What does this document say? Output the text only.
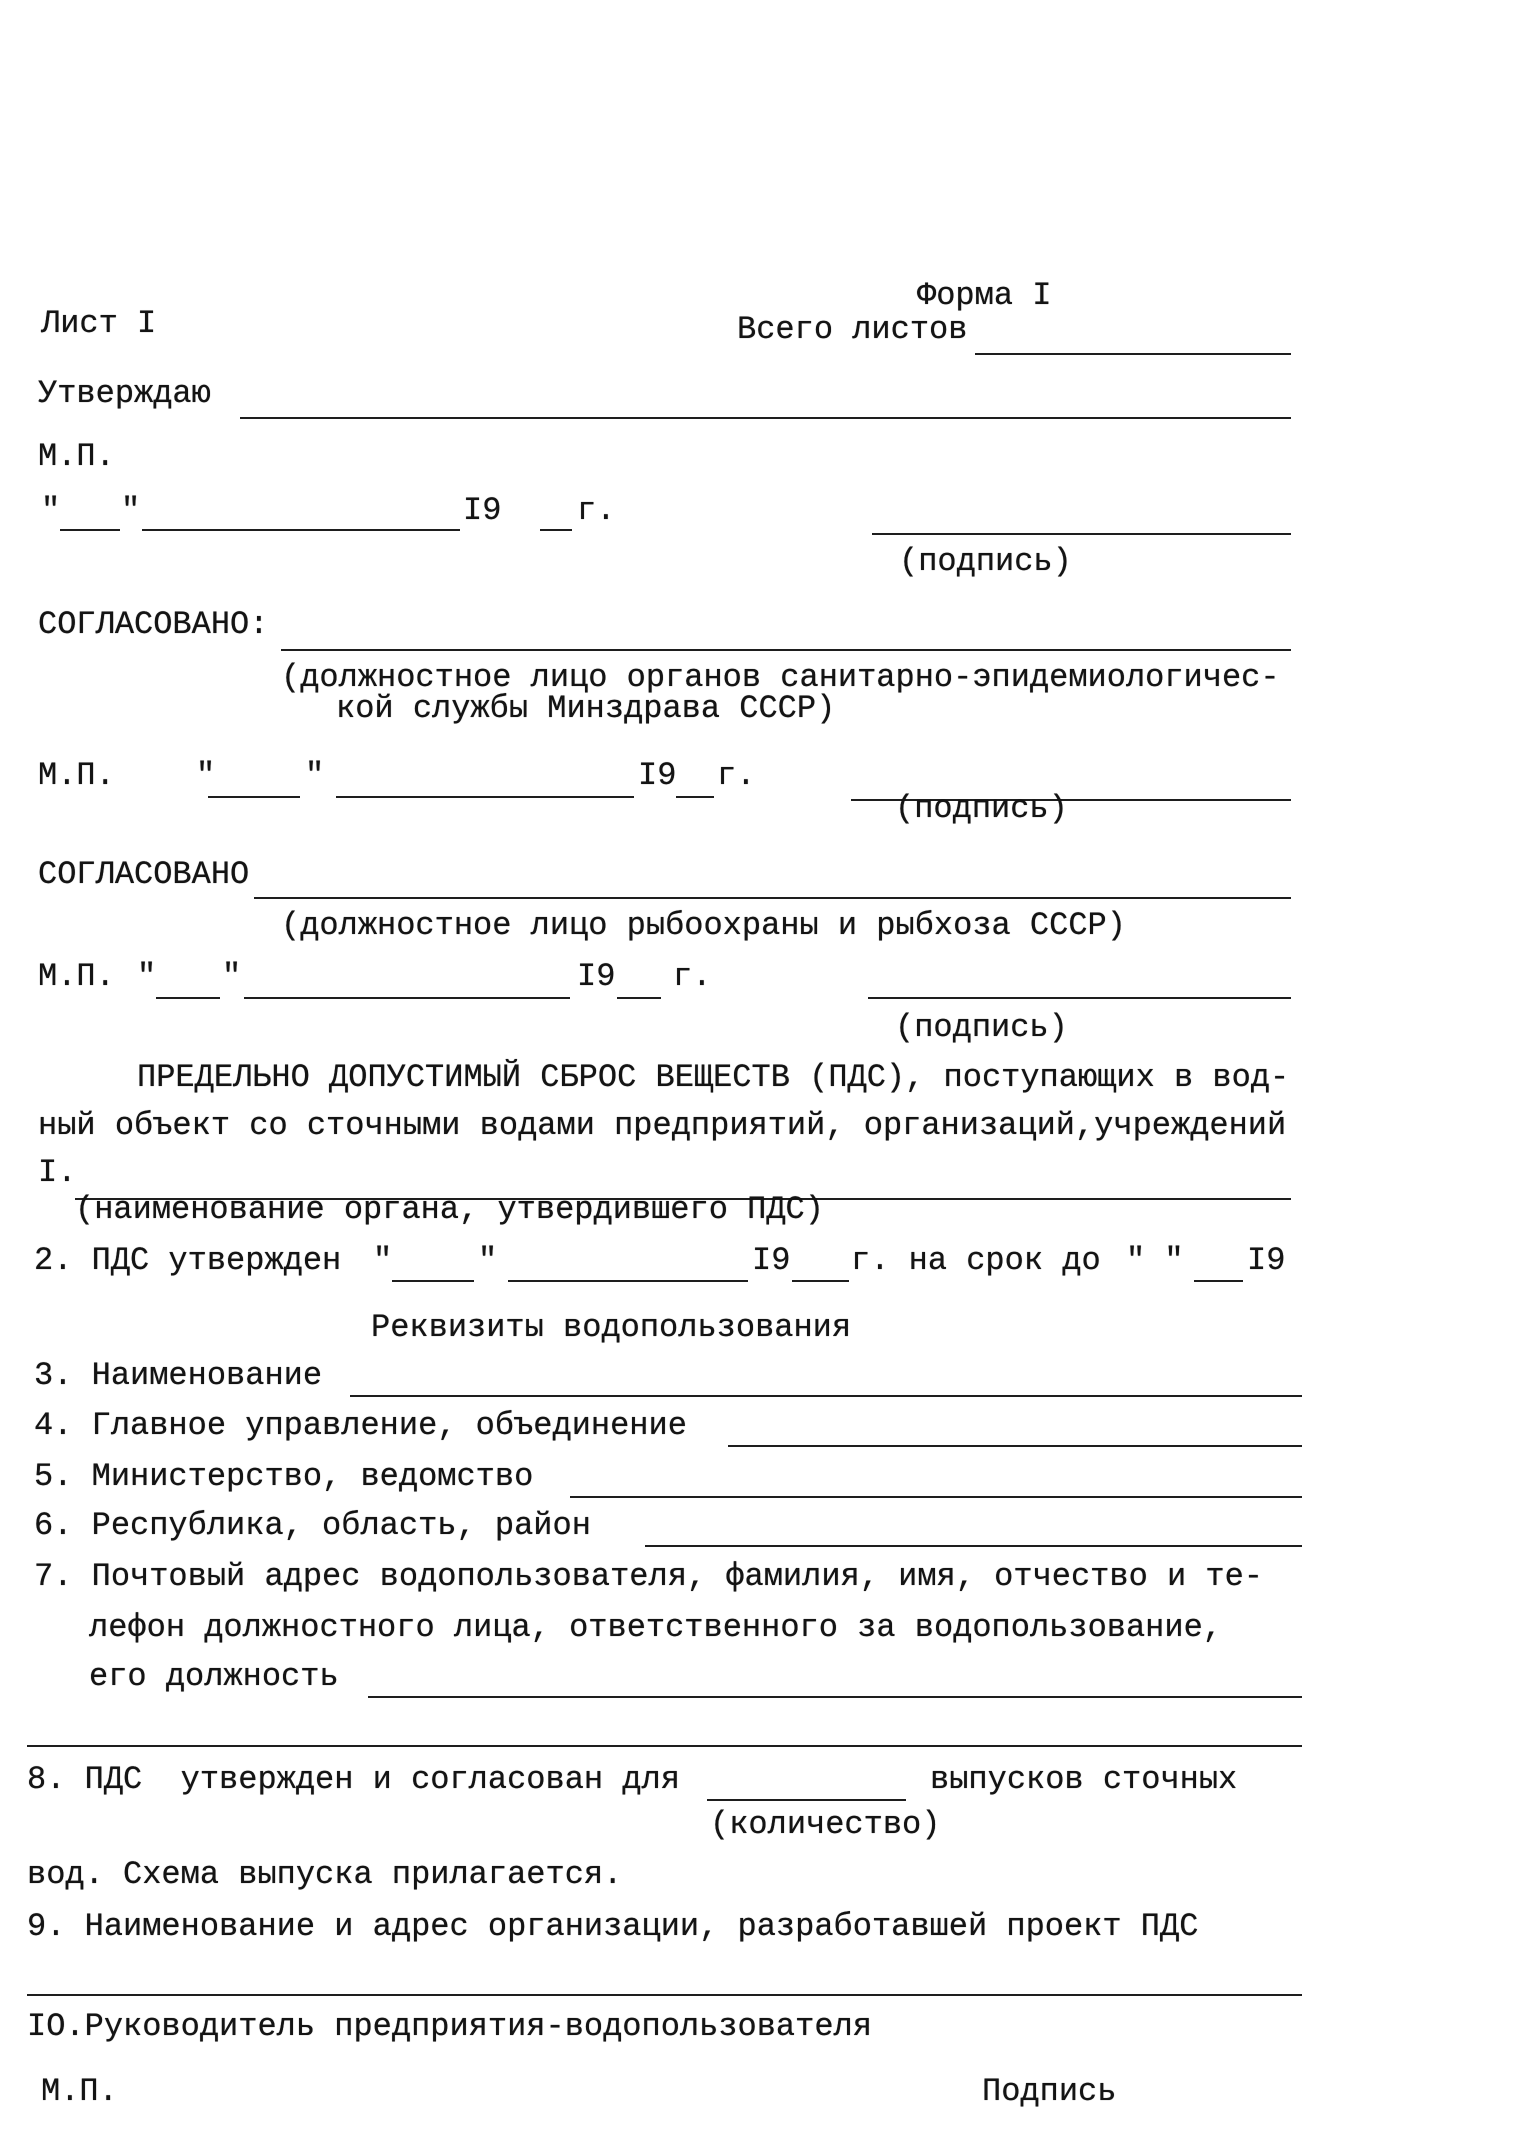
Форма I
Лист I	Всего листов
Утверждаю
М.П.
" "	I9 г.
(подпись)
СОГЛАСОВАНО:
(должностное лицо органов санитарно-эпидемиологичес-
кой службы Минздрава СССР)
М.П.	"	"	I9 г.
(подпись)
СОГЛАСОВАНО
(должностное лицо рыбоохраны и рыбхоза СССР)
М.П. " "	I9 г.
(подпись)
ПРЕДЕЛЬНО ДОПУСТИМЫЙ СБРОС ВЕЩЕСТВ (ПДС), поступающих в вод-
ный объект со сточными водами предприятий, организаций,учреждений
I.
(наименование органа, утвердившего ПДС)
2. ПДС утвержден "	"	I9 г. на срок до " " I9
Реквизиты водопользования
3. Наименование
4. Главное управление, объединение
5. Министерство, ведомство
6. Республика, область, район
7. Почтовый адрес водопользователя, фамилия, имя, отчество и те-
лефон должностного лица, ответственного за водопользование,
его должность
8. ПДС  утвержден и согласован для	выпусков сточных
(количество)
вод. Схема выпуска прилагается.
9. Наименование и адрес организации, разработавшей проект ПДС
IO.Руководитель предприятия-водопользователя
М.П.	Подпись
